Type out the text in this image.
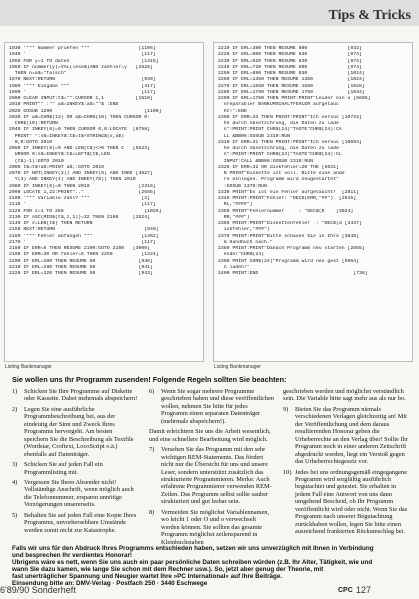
Tips & Tricks
1930 '*** Nummer pruefen ***                 [1106]
1940 '                                        [117]
1950 FOR y=1 TO daten                         [1415]
1960 IF nummer(y)=VAL(lese$)AND zaehler=y   [2626]
THEN n=a$="falsch"
1970 NEXT:RETURN                              [940]
1980 '*** Eingabe ***                         [417]
1990 '                                        [117]
2000 CLEAR INPUT:t$="":CURSOR 1,1           [1510]
2010 PRINT"" :"" a$=INKEY$:a$=""$ :END
2020 GOSUB 1290                                [1100]
2030 IF a$=CHR$(13) OR a$=CHR$(10) THEN CURSOR 0:
CHR$(10):RETURN
2040 IF INKEY(8)=0 THEN CURSOR 0,0:LOCATE  [6758]
PRINT" ":s$=INKEY$:t$=t$+STRING$(x,a$)
0,0:GOTO 2010
2050 IF INKEY(9)=0 AND LEN(t$)<>0 THEN C   [5523]
URSOR 0:s$=INKEY$:t$=LEFT$(t$,LEN
(t$)-1):GOTO 2010
2060 t$=t$+a$:PRINT a$;:GOTO 2010
2070 IF NOT(INKEY(2)) AND INKEY(6) AND INKE [4627]
Y(3) AND INKEY(4) AND INKEY(78)) THEN 2010
2080 IF INKEY(6)=0 THEN 2010                 [2316]
2090 LOCATE 1,22:PRINT".."                   [2685]
2100 '*** Variable zahl? ***                  [2]
2110 '                                        [117]
2120 FOR z=1 TO 255                            [1026]
2130 IF ASC(MID$(t$,z,1))=32 THEN 2160     [3524]
2140 IF z=LEN(t$) THEN RETURN
2150 NEXT:RETURN                               [940]
2160 '*** Fehler abfangen ***                 [1452]
2170 '                                        [117]
2180 IF ERR=5 THEN RESUME 2100:GOTO 2160   [3000]
2190 IF ERR=30 OR fehler=5 THEN 2250          [1224]
2200 IF ERL=280 THEN RESUME 50               [946]
2210 IF ERL=290 THEN RESUME 50               [941]
2220 IF ERL=320 THEN RESUME 50               [943]
2210 IF ERL=380 THEN RESUME 600              [933]
2220 IF ERL=600 THEN RESUME 630              [974]
2230 IF ERL=620 THEN RESUME 630              [974]
2240 IF ERL=720 THEN RESUME 800              [974]
2250 IF ERL=890 THEN RESUME 930              [1024]
2260 IF ERL=1350 THEN RESUME 1350            [1024]
2270 IF ERL=1550 THEN RESUME 1550            [1028]
2280 IF ERL=1750 THEN RESUME 1750            [1034]
2290 IF ERL=1760 THEN PRINT:PRINT"Leider ein u [5695]
nreparabler BANKUMSCHALTFEHLER aufgetauc
ht!":END
2300 IF ERR=33 THEN PRINT:PRINT"Ich versuc [10722]
he durch Absetzchrung, die Daten zu lade
n":PRINT:PRINT CHR$(24)"TASTE"CHR$(24):CA
LL &BB06:GOSUB 2310:RUN
2310 IF ERR=31 THEN PRINT:PRINT"Ich versuc [10694]
he durch Absetzchrung, die Daten zu lade
n":PRINT:PRINT CHR$(24)"TASTE"CHR$(24):CL
INPUT:CALL &BB06:GOSUB 2310:RUN
2320 IF ERR=32 OR diskfehler=20 THE [5631]
N PRINT"Diskette ist voll. Bitte eine ande
re einlegen. Programm wird neugestartet"
:GOSUB 1370:RUN
2330 PRINT"Es ist ein Fehler aufgetaucht!  [2811]
2340 PRINT:PRINT"Fehler: "DEC$(ERR,"##")  [2615]
RL,"####")
2350 PRINT"Fehlernummer     : "DEC$(E    [3024]
RR,"###")
2360 PRINT:PRINT"Diskettenfehler  : "DEC$(d [3437]
iskfehler,"###")
2370 PRINT:PRINT"Bitte schauen Sie in Ihre [3848]
m Handbuch nach."
2380 PRINT:PRINT"Danach Programm neu starten [2855]
ende!"CHR$(24)
2390 PRINT CHR$(24)"Programm wird neu gest [6964]
n laden!"
2400 PRINT:END                                 [738]
Listing Bankmanager	Listing Bankmanager
Sie wollen uns Ihr Programm zusenden! Folgende Regeln sollten Sie beachten:
1)	Schicken Sie Ihre Programme auf Diskette oder Kassette. Dabei mehrmals abspeichern!
2)	Legen Sie eine ausführliche Programmbeschreibung bei, aus der eindeutig der Sinn und Zweck Ihres Programms hervorgeht. Am besten speichern Sie die Beschreibung als Textfile (Wordstar, Croftext, LocoScript o.ä.) ebenfalls auf Datenträger.
3)	Schicken Sie auf jeden Fall ein Programmlisting mit.
4)	Vergessen Sie Ihren Absender nicht! Vollständige Anschrift, wenn möglich auch die Telefonnummer, ersparen unnötige Verzögerungen unsererseits.
5)	Behalten Sie auf jeden Fall eine Kopie Ihres Programms, unvorhersehbare Umstände werden somit nicht zur Katastrophe.
6)	Wenn Sie sogar mehrere Programme geschrieben haben und diese veröffentlichen wollen, nehmen Sie bitte für jedes Programm einen separaten Datenträger (mehrmals abspeichern!).
Damit erleichtern Sie uns die Arbeit wesentlich, und eine schnellere Bearbeitung wird möglich.
7)	Versehen Sie das Programm mit den sehr wichtigen REM-Statements. Das fördert nicht nur die Übersicht für uns und unsere Leser, sondern unterstützt zusätzlich das strukturierte Programmieren. Merke: Auch erfahrene Programmierer verwenden REM-Zeilen. Das Programm selbst sollte sauber strukturiert und gut lesbar sein.
8)	Vermeiden Sie möglichst Variablennamen, wo leicht 1 oder O und o verwechselt werden können. Sie sollten das gesamte Programm möglichst zeilensparend in Kleinbuchstaben
geschrieben werden und möglichst verständlich sein. Die Variable bitte sagt mehr aus als nur bo.
9)	Bieten Sie das Programm niemals verschiedenen Verlagen gleichzeitig an! Mit der Veröffentlichung und dem daraus resultierenden Honorar geben die Urheberrechte an den Verlag über! Sollte Ihr Programm noch in einer anderen Zeitschrift abgedruckt werden, liegt ein Verstoß gegen das Urheberrechtsgesetz vor.
10) Jedes bei uns ordnungsgemäß eingegangene Programm wird sorgfältig ausführlich begutachtet und getestet. Sie erhalten in jedem Fall eine Antwort von uns dann umgehend Bescheid, ob Ihr Programm veröffentlicht wird oder nicht. Wenn Sie das Programm nach unserer Begutachtung zurückhaben wollen, legen Sie bitte einen ausreichend frankierten Rückumschlag bei.
Falls wir uns für den Abdruck Ihres Programms entschieden haben, setzen wir uns unverzüglich mit Ihnen in Verbindung
und besprechen Ihr verdientes Honorar!
Übrigens wäre es nett, wenn Sie uns auch ein paar persönliche Daten schreiben würden (z.B. Ihr Alter, Tätigkeit, wie und
wann Sie dazu kamen, wie lange Sie schon mit dem Rechner usw.). So, jetzt aber genug der Theorie, mit
fast unerträglicher Spannung und Neugier wartet Ihre »PC International« auf Ihre Beiträge.
Einsendung bitte an: DMV-Verlag · Postfach 250 · 3440 Eschwege
6'89/90 Sonderheft	CPC 127
